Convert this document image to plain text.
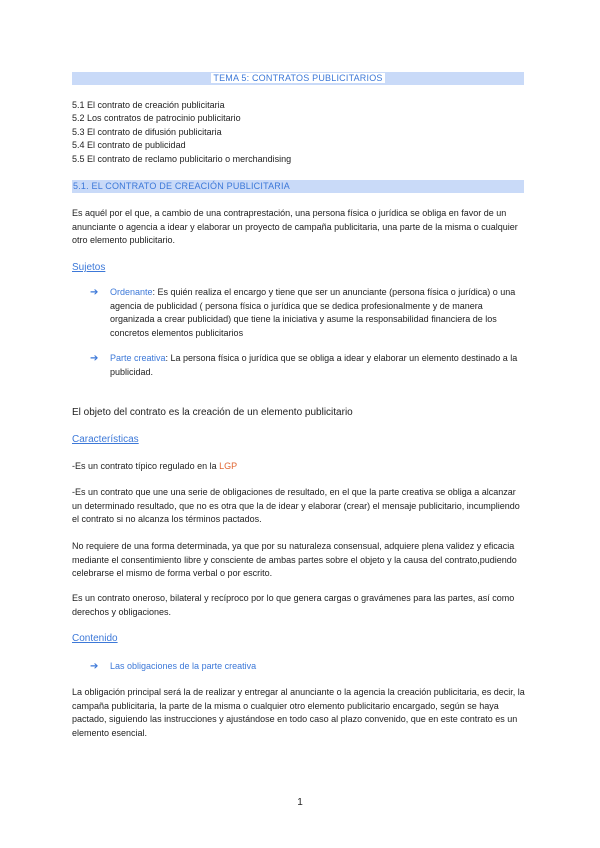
TEMA 5: CONTRATOS PUBLICITARIOS
5.1 El contrato de creación publicitaria
5.2 Los contratos de patrocinio publicitario
5.3 El contrato de difusión publicitaria
5.4 El contrato de publicidad
5.5 El contrato de reclamo publicitario o merchandising
5.1. EL CONTRATO DE CREACIÓN PUBLICITARIA
Es aquél por el que, a cambio de una contraprestación, una persona física o jurídica se obliga en favor de un anunciante o agencia a idear y elaborar un proyecto de campaña publicitaria, una parte de la misma o cualquier otro elemento publicitario.
Sujetos
➔ Ordenante: Es quién realiza el encargo y tiene que ser un anunciante (persona física o jurídica) o una agencia de publicidad ( persona física o jurídica que se dedica profesionalmente y de manera organizada a crear publicidad) que tiene la iniciativa y asume la responsabilidad financiera de los concretos elementos publicitarios
➔ Parte creativa: La persona física o jurídica que se obliga a idear y elaborar un elemento destinado a la publicidad.
El objeto del contrato es la creación de un elemento publicitario
Características
-Es un contrato típico regulado en la LGP
-Es un contrato que une una serie de obligaciones de resultado, en el que la parte creativa se obliga a alcanzar un determinado resultado, que no es otra que la de idear y elaborar (crear) el mensaje publicitario, incumpliendo el contrato si no alcanza los términos pactados.
No requiere de una forma determinada, ya que por su naturaleza consensual, adquiere plena validez y eficacia mediante el consentimiento libre y consciente de ambas partes sobre el objeto y la causa del contrato,pudiendo celebrarse el mismo de forma verbal o por escrito.
Es un contrato oneroso, bilateral y recíproco por lo que genera cargas o gravámenes para las partes, así como derechos y obligaciones.
Contenido
➔ Las obligaciones de la parte creativa
La obligación principal será la de realizar y entregar al anunciante o la agencia la creación publicitaria, es decir, la campaña publicitaria, la parte de la misma o cualquier otro elemento publicitario encargado, según se haya pactado, siguiendo las instrucciones y ajustándose en todo caso al plazo convenido, que en este contrato es un elemento esencial.
1
